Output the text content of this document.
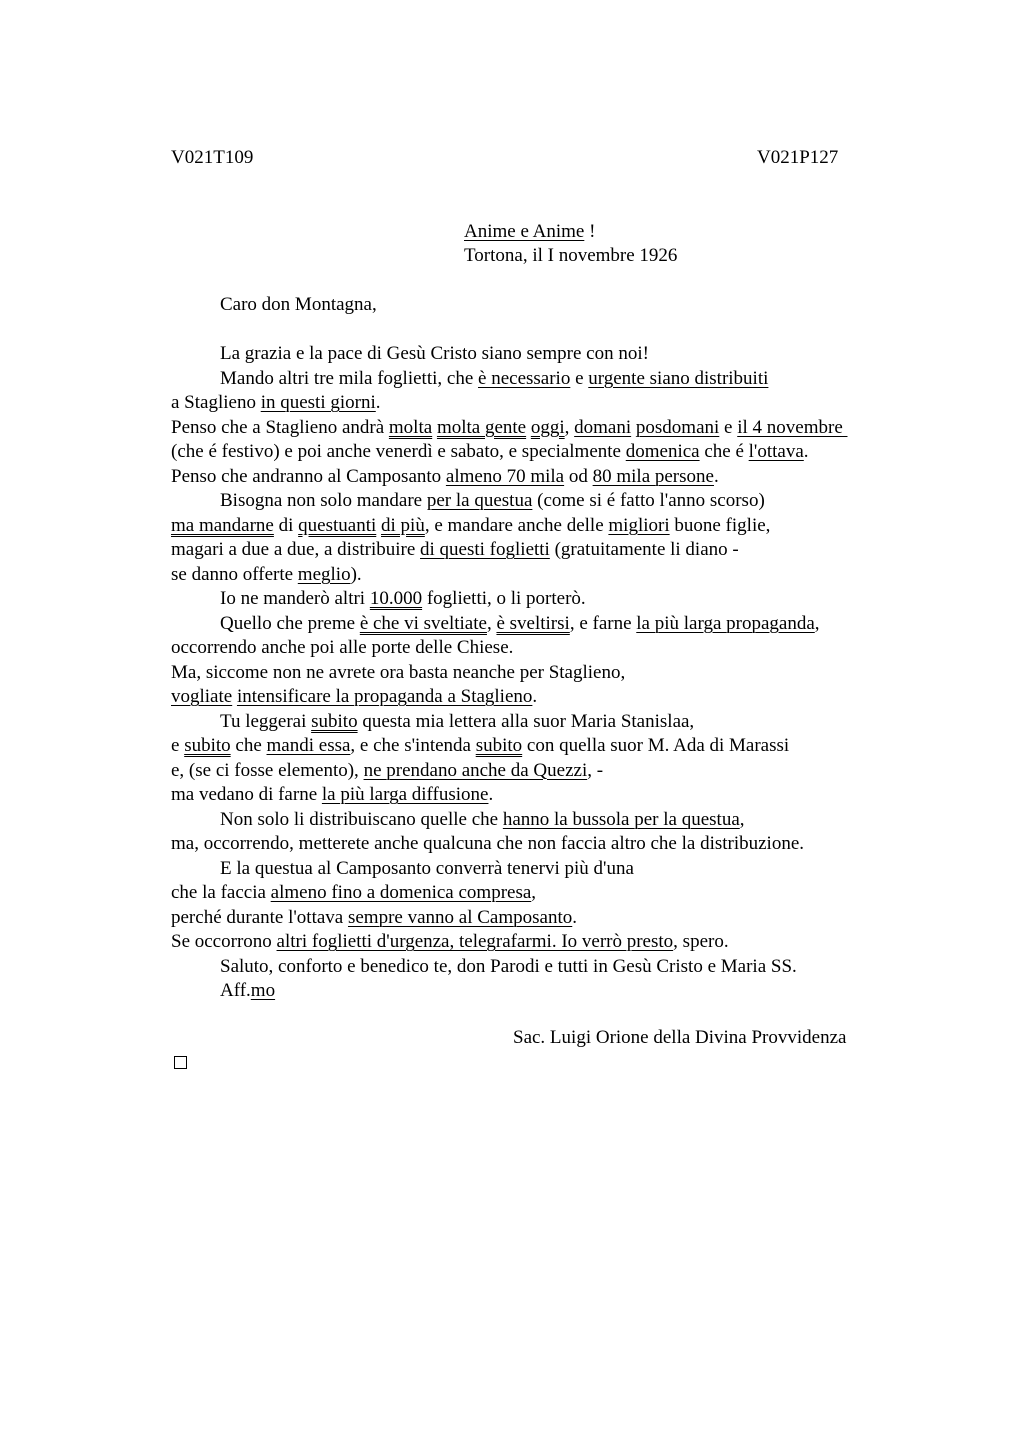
V021T109	V021P127
Anime e Anime !
Tortona, il I novembre 1926
Caro don Montagna,
La grazia e la pace di Gesù Cristo siano sempre con noi!
Mando altri tre mila foglietti, che è necessario e urgente siano distribuiti
a Staglieno in questi giorni.
Penso che a Staglieno andrà molta molta gente oggi, domani posdomani e il 4 novembre
(che é festivo) e poi anche venerdì e sabato, e specialmente domenica che é l'ottava.
Penso che andranno al Camposanto almeno 70 mila od 80 mila persone.
Bisogna non solo mandare per la questua (come si é fatto l'anno scorso)
ma mandarne di questuanti di più, e mandare anche delle migliori buone figlie,
magari a due a due, a distribuire di questi foglietti (gratuitamente li diano -
se danno offerte meglio).
Io ne manderò altri 10.000 foglietti, o li porterò.
Quello che preme è che vi sveltiate, è sveltirsi, e farne la più larga propaganda,
occorrendo anche poi alle porte delle Chiese.
Ma, siccome non ne avrete ora basta neanche per Staglieno,
vogliate intensificare la propaganda a Staglieno.
Tu leggerai subito questa mia lettera alla suor Maria Stanislaa,
e subito che mandi essa, e che s'intenda subito con quella suor M. Ada di Marassi
e, (se ci fosse elemento), ne prendano anche da Quezzi, -
ma vedano di farne la più larga diffusione.
Non solo li distribuiscano quelle che hanno la bussola per la questua,
ma, occorrendo, metterete anche qualcuna che non faccia altro che la distribuzione.
E la questua al Camposanto converrà tenervi più d'una
che la faccia almeno fino a domenica compresa,
perché durante l'ottava sempre vanno al Camposanto.
Se occorrono altri foglietti d'urgenza, telegrafarmi. Io verrò presto, spero.
Saluto, conforto e benedico te, don Parodi e tutti in Gesù Cristo e Maria SS.
Aff.mo
Sac. Luigi Orione della Divina Provvidenza
